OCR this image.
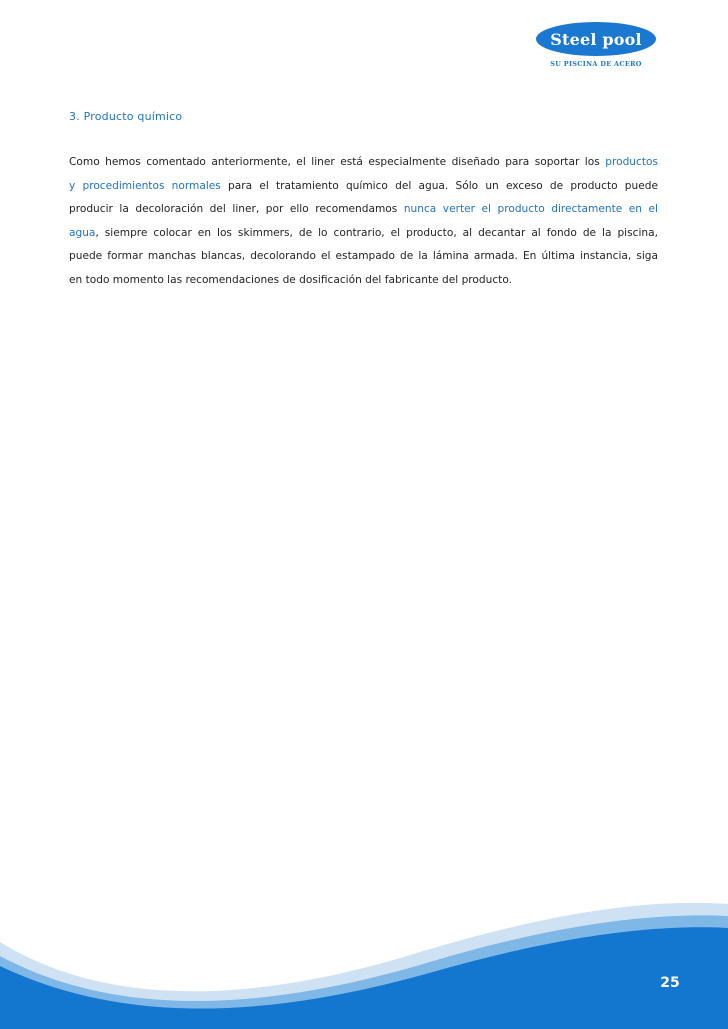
Steel pool
SU PISCINA DE ACERO
3. Producto químico
Como hemos comentado anteriormente, el liner está especialmente diseñado para soportar los productos
y procedimientos normales para el tratamiento químico del agua. Sólo un exceso de producto puede
producir la decoloración del liner, por ello recomendamos nunca verter el producto directamente en el
agua, siempre colocar en los skimmers, de lo contrario, el producto, al decantar al fondo de la piscina,
puede formar manchas blancas, decolorando el estampado de la lámina armada. En última instancia, siga
en todo momento las recomendaciones de dosificación del fabricante del producto.
25
